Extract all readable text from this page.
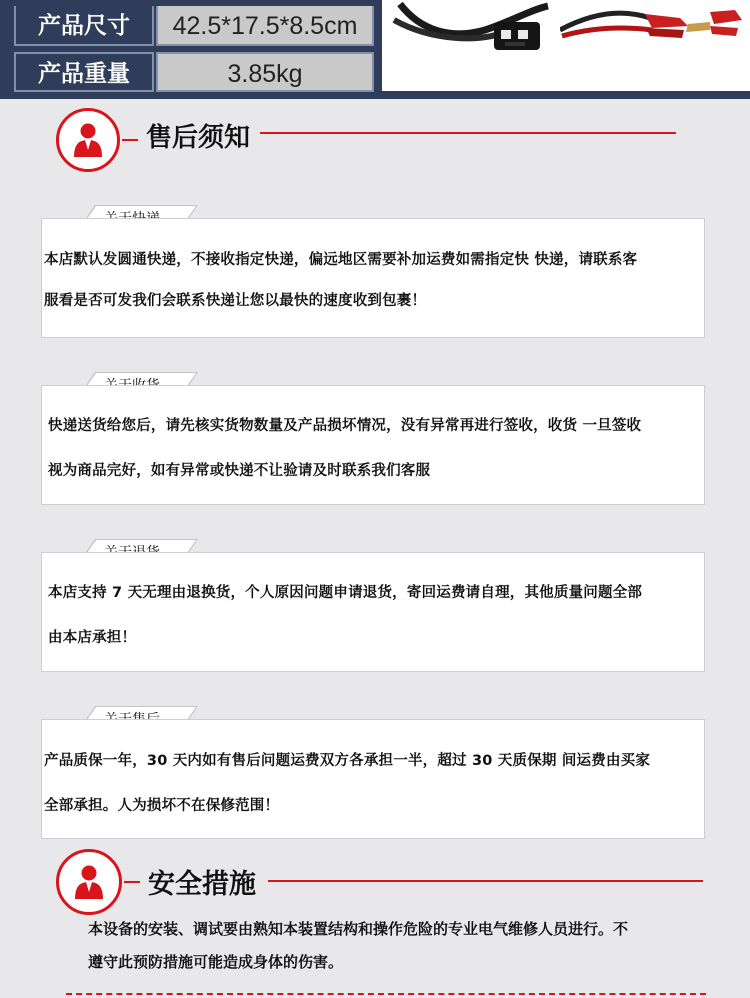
产品尺寸	42.5*17.5*8.5cm
产品重量	3.85kg
售后须知

本店默认发圆通快递，不接收指定快递，偏远地区需要补加运费如需指定快 快递，请联系客

服看是否可发我们会联系快递让您以最快的速度收到包裹！

快递送货给您后，请先核实货物数量及产品损坏情况，没有异常再进行签收，收货 一旦签收

视为商品完好，如有异常或快递不让验请及时联系我们客服

本店支持 7 天无理由退换货，个人原因问题申请退货，寄回运费请自理，其他质量问题全部

由本店承担！

产品质保一年，30 天内如有售后问题运费双方各承担一半，超过 30 天质保期 间运费由买家

全部承担。人为损坏不在保修范围！

安全措施
本设备的安装、调试要由熟知本装置结构和操作危险的专业电气维修人员进行。不
遵守此预防措施可能造成身体的伤害。
